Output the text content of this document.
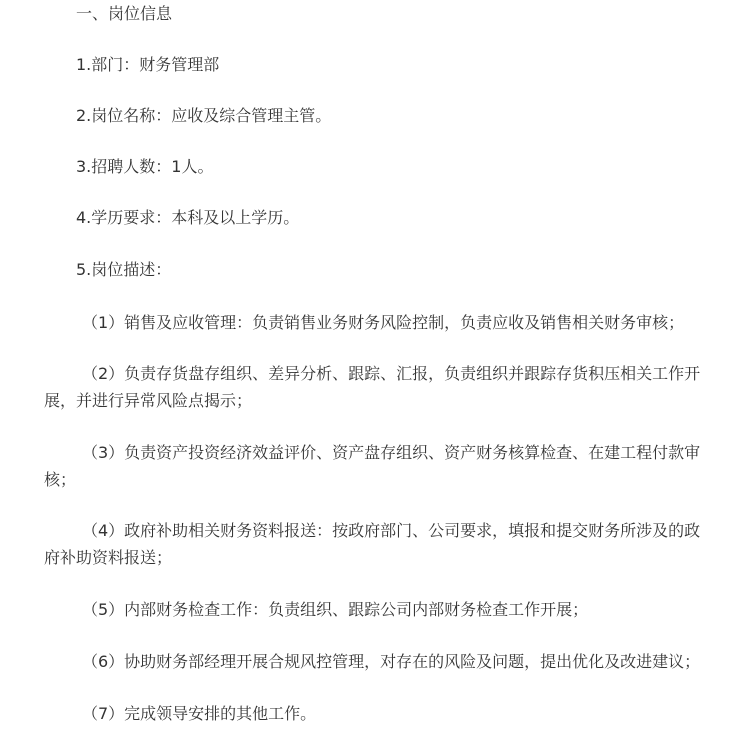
一、岗位信息

1.部门：财务管理部

2.岗位名称：应收及综合管理主管。

3.招聘人数：1人。

4.学历要求：本科及以上学历。

5.岗位描述：

（1）销售及应收管理：负责销售业务财务风险控制，负责应收及销售相关财务审核；
（2）负责存货盘存组织、差异分析、跟踪、汇报，负责组织并跟踪存货积压相关工作开
展，并进行异常风险点揭示；
（3）负责资产投资经济效益评价、资产盘存组织、资产财务核算检查、在建工程付款审
核；
（4）政府补助相关财务资料报送：按政府部门、公司要求，填报和提交财务所涉及的政
府补助资料报送；
（5）内部财务检查工作：负责组织、跟踪公司内部财务检查工作开展；
（6）协助财务部经理开展合规风控管理，对存在的风险及问题，提出优化及改进建议；
（7）完成领导安排的其他工作。
